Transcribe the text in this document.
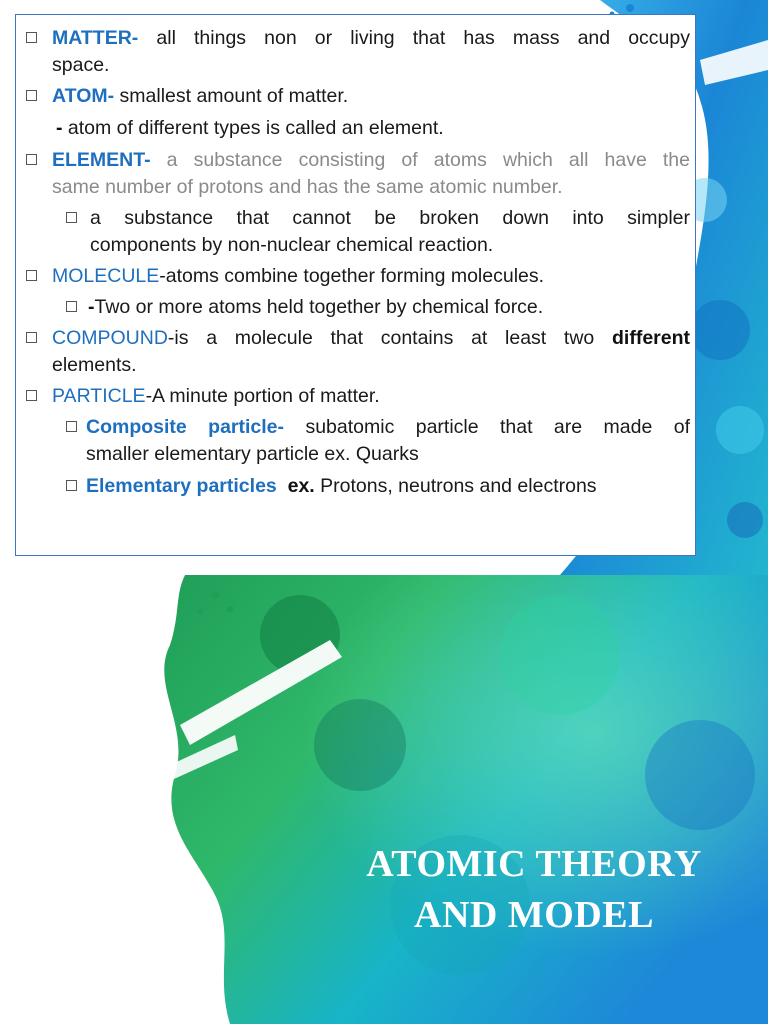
MATTER- all things non or living that has mass and occupy
space.
ATOM- smallest amount of matter.
- atom of different types is called an element.
ELEMENT- a substance consisting of atoms which all have the
same number of protons and has the same atomic number.
a substance that cannot be broken down into simpler
components by non-nuclear chemical reaction.
MOLECULE-atoms combine together forming molecules.
-Two or more atoms held together by chemical force.
COMPOUND-is a molecule that contains at least two different
elements.
PARTICLE-A minute portion of matter.
Composite particle- subatomic particle that are made of
smaller elementary particle ex. Quarks
Elementary particles ex. Protons, neutrons and electrons
ATOMIC THEORY
AND MODEL
